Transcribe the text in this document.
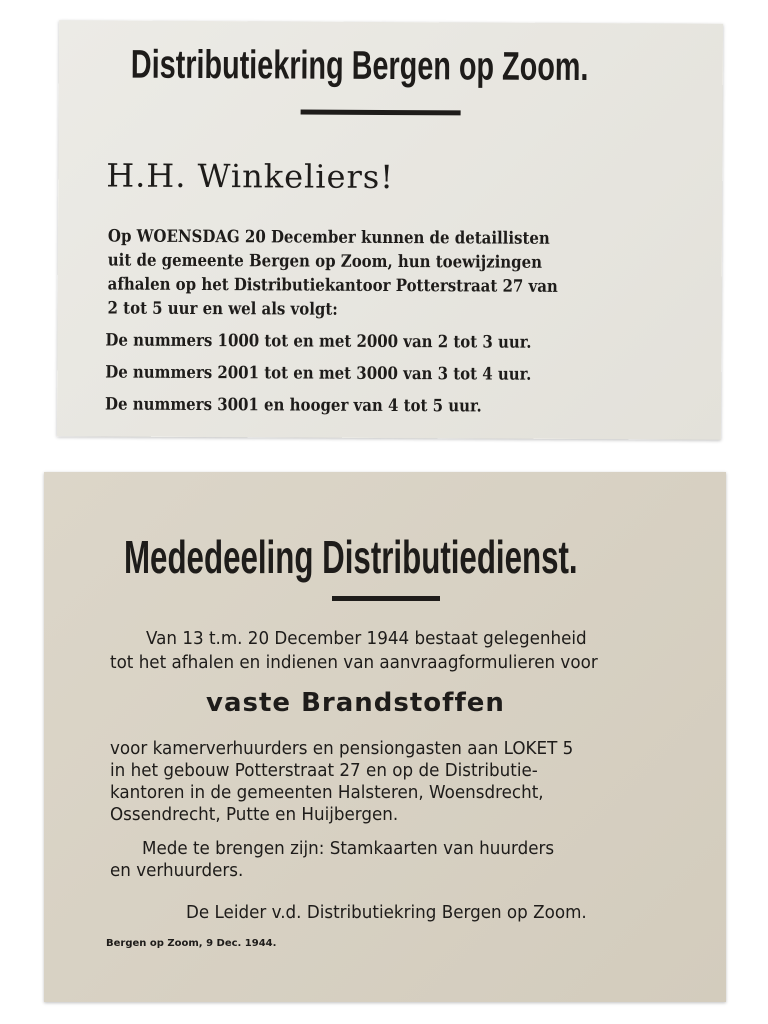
Distributiekring Bergen op Zoom.
H.H. Winkeliers!
Op WOENSDAG 20 December kunnen de detaillisten
uit de gemeente Bergen op Zoom, hun toewijzingen
afhalen op het Distributiekantoor Potterstraat 27 van
2 tot 5 uur en wel als volgt:
De nummers 1000 tot en met 2000 van 2 tot 3 uur.
De nummers 2001 tot en met 3000 van 3 tot 4 uur.
De nummers 3001 en hooger van 4 tot 5 uur.
Mededeeling Distributiedienst.
Van 13 t.m. 20 December 1944 bestaat gelegenheid
tot het afhalen en indienen van aanvraagformulieren voor
vaste Brandstoffen
voor kamerverhuurders en pensiongasten aan LOKET 5
in het gebouw Potterstraat 27 en op de Distributie-
kantoren in de gemeenten Halsteren, Woensdrecht,
Ossendrecht, Putte en Huijbergen.
Mede te brengen zijn: Stamkaarten van huurders
en verhuurders.
De Leider v.d. Distributiekring Bergen op Zoom.
Bergen op Zoom, 9 Dec. 1944.
